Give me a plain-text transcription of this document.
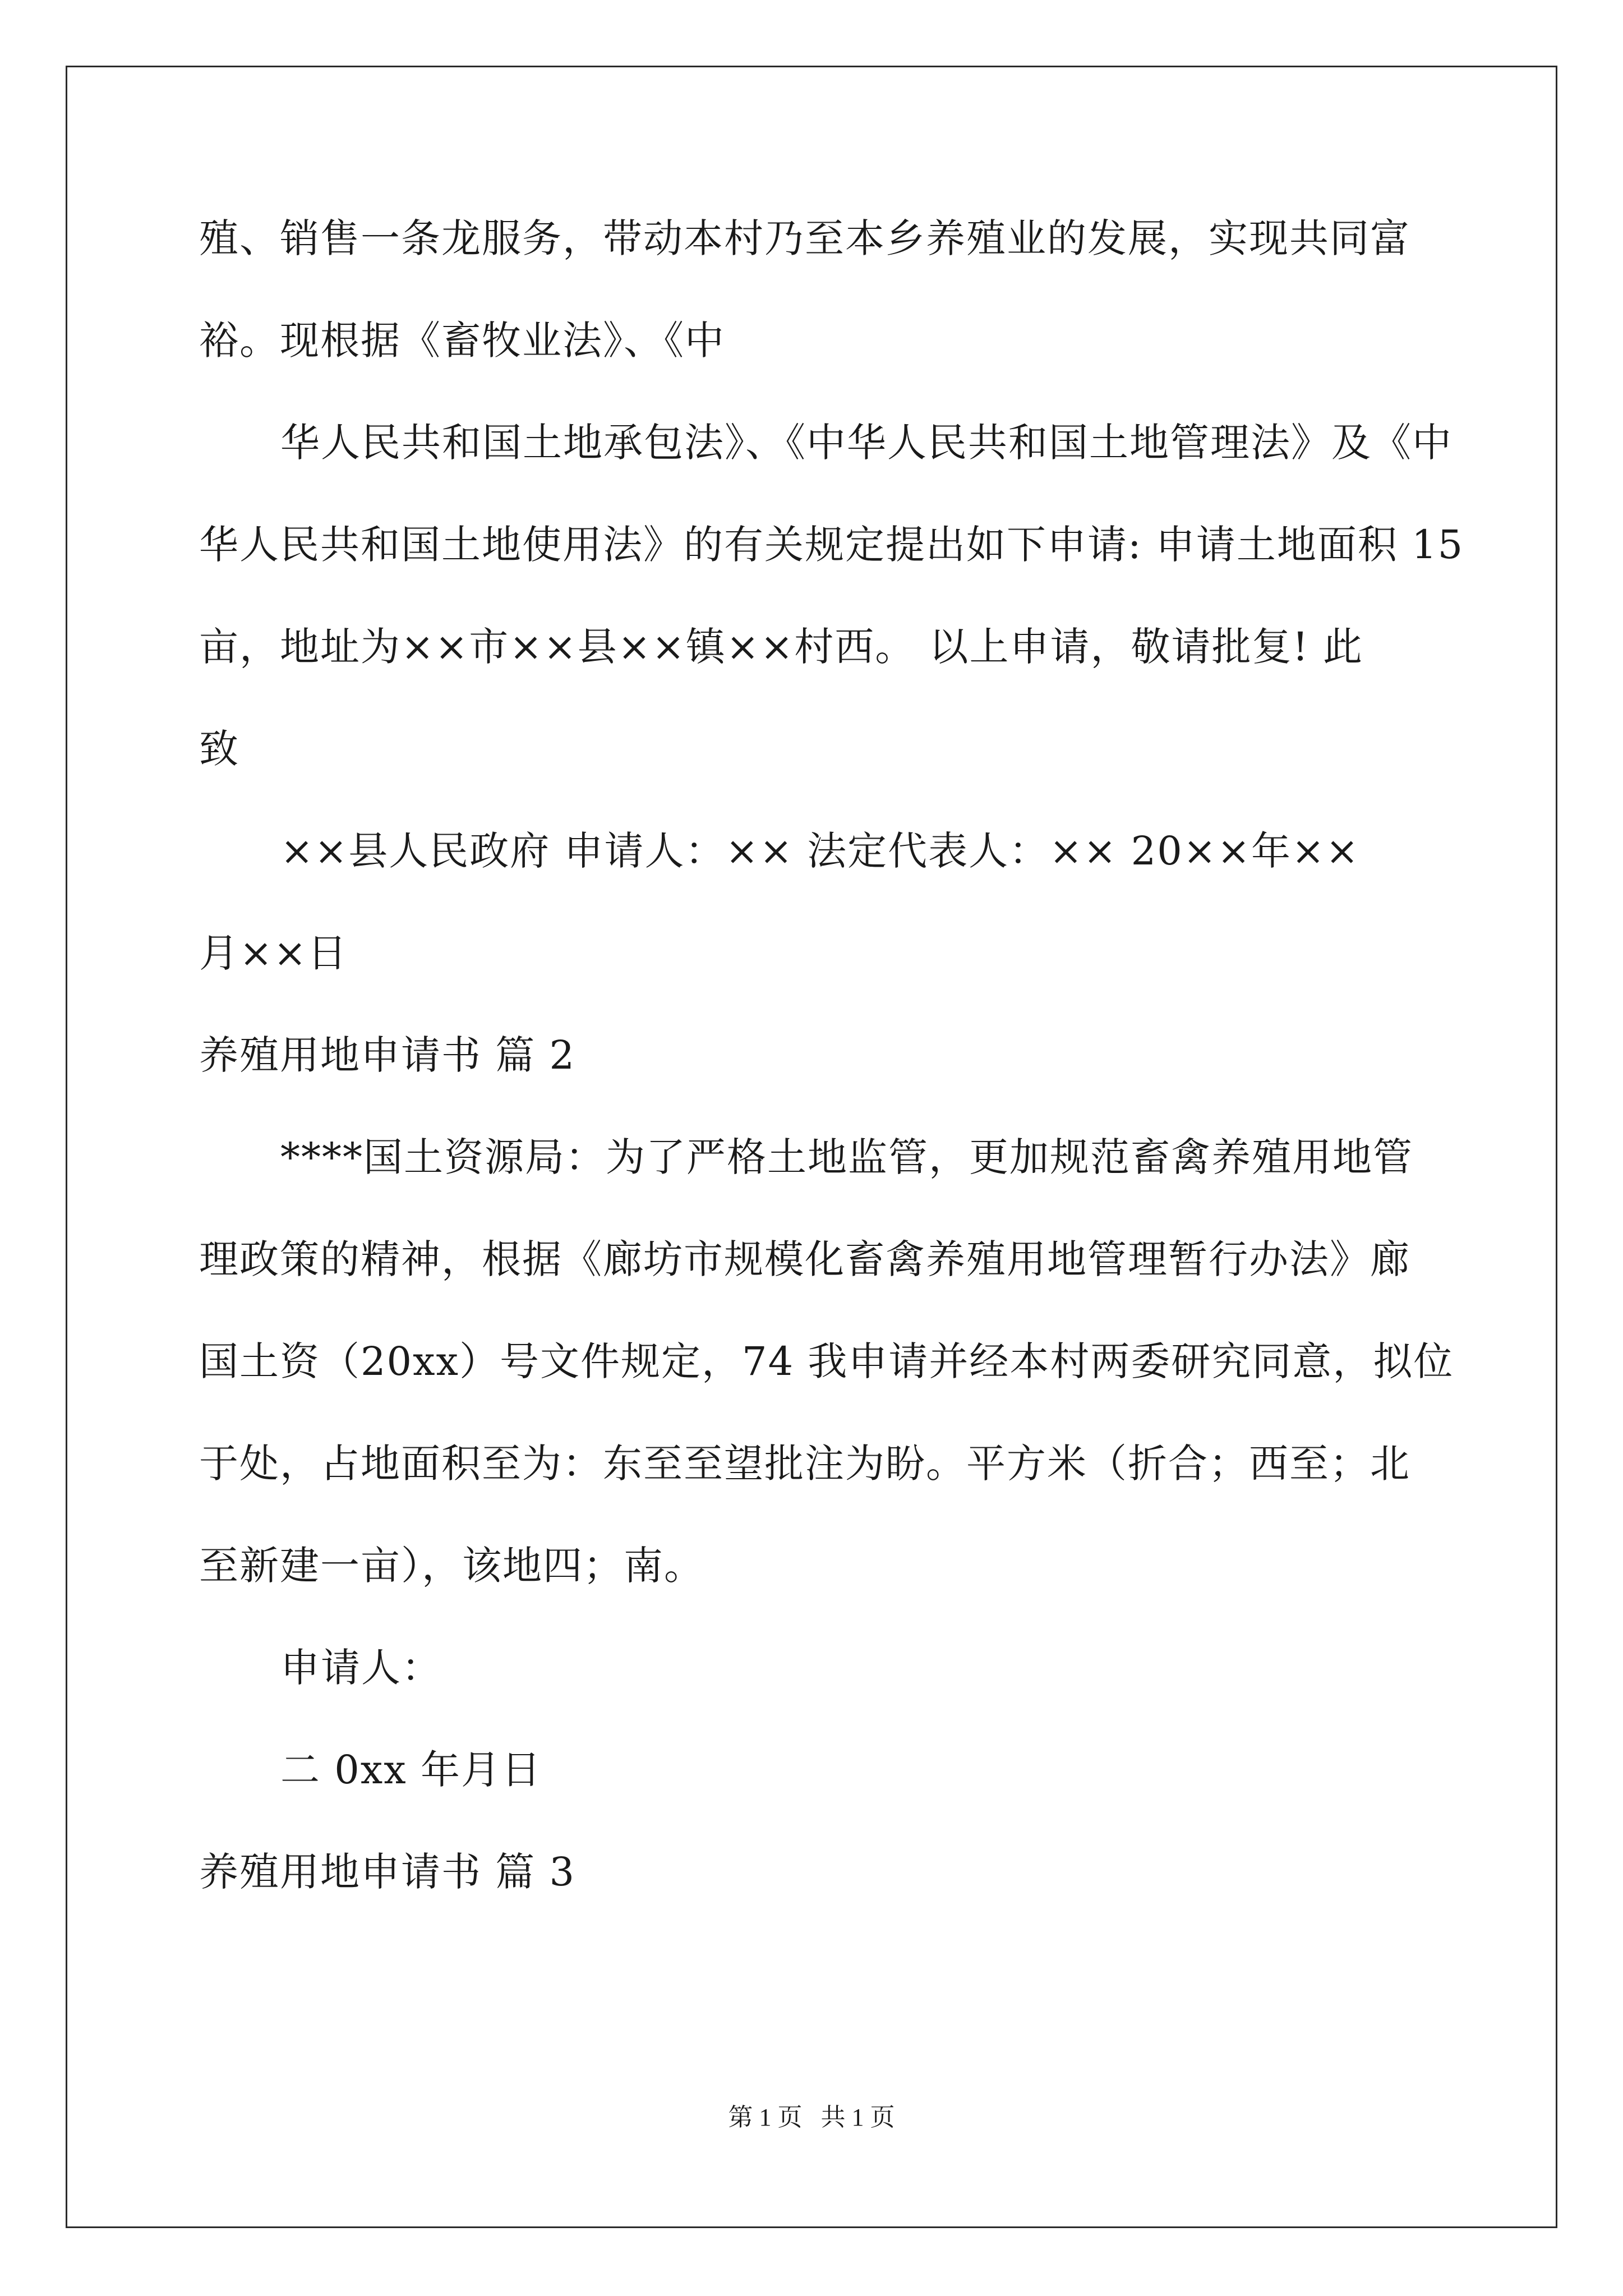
殖、销售一条龙服务，带动本村乃至本乡养殖业的发展，实现共同富
裕。现根据《畜牧业法》、《中
华人民共和国土地承包法》、《中华人民共和国土地管理法》及《中
华人民共和国土地使用法》的有关规定提出如下申请: 申请土地面积 15
亩，地址为××市××县××镇××村西。 以上申请，敬请批复! 此
致
××县人民政府 申请人：×× 法定代表人：×× 20××年××
月××日
养殖用地申请书 篇 2
****国土资源局：为了严格土地监管，更加规范畜禽养殖用地管
理政策的精神，根据《廊坊市规模化畜禽养殖用地管理暂行办法》廊
国土资（20xx）号文件规定，74 我申请并经本村两委研究同意，拟位
于处，占地面积至为：东至至望批注为盼。平方米（折合；西至；北
至新建一亩），该地四；南。
申请人：
二 0xx 年月日
养殖用地申请书 篇 3
第 1 页   共 1 页
